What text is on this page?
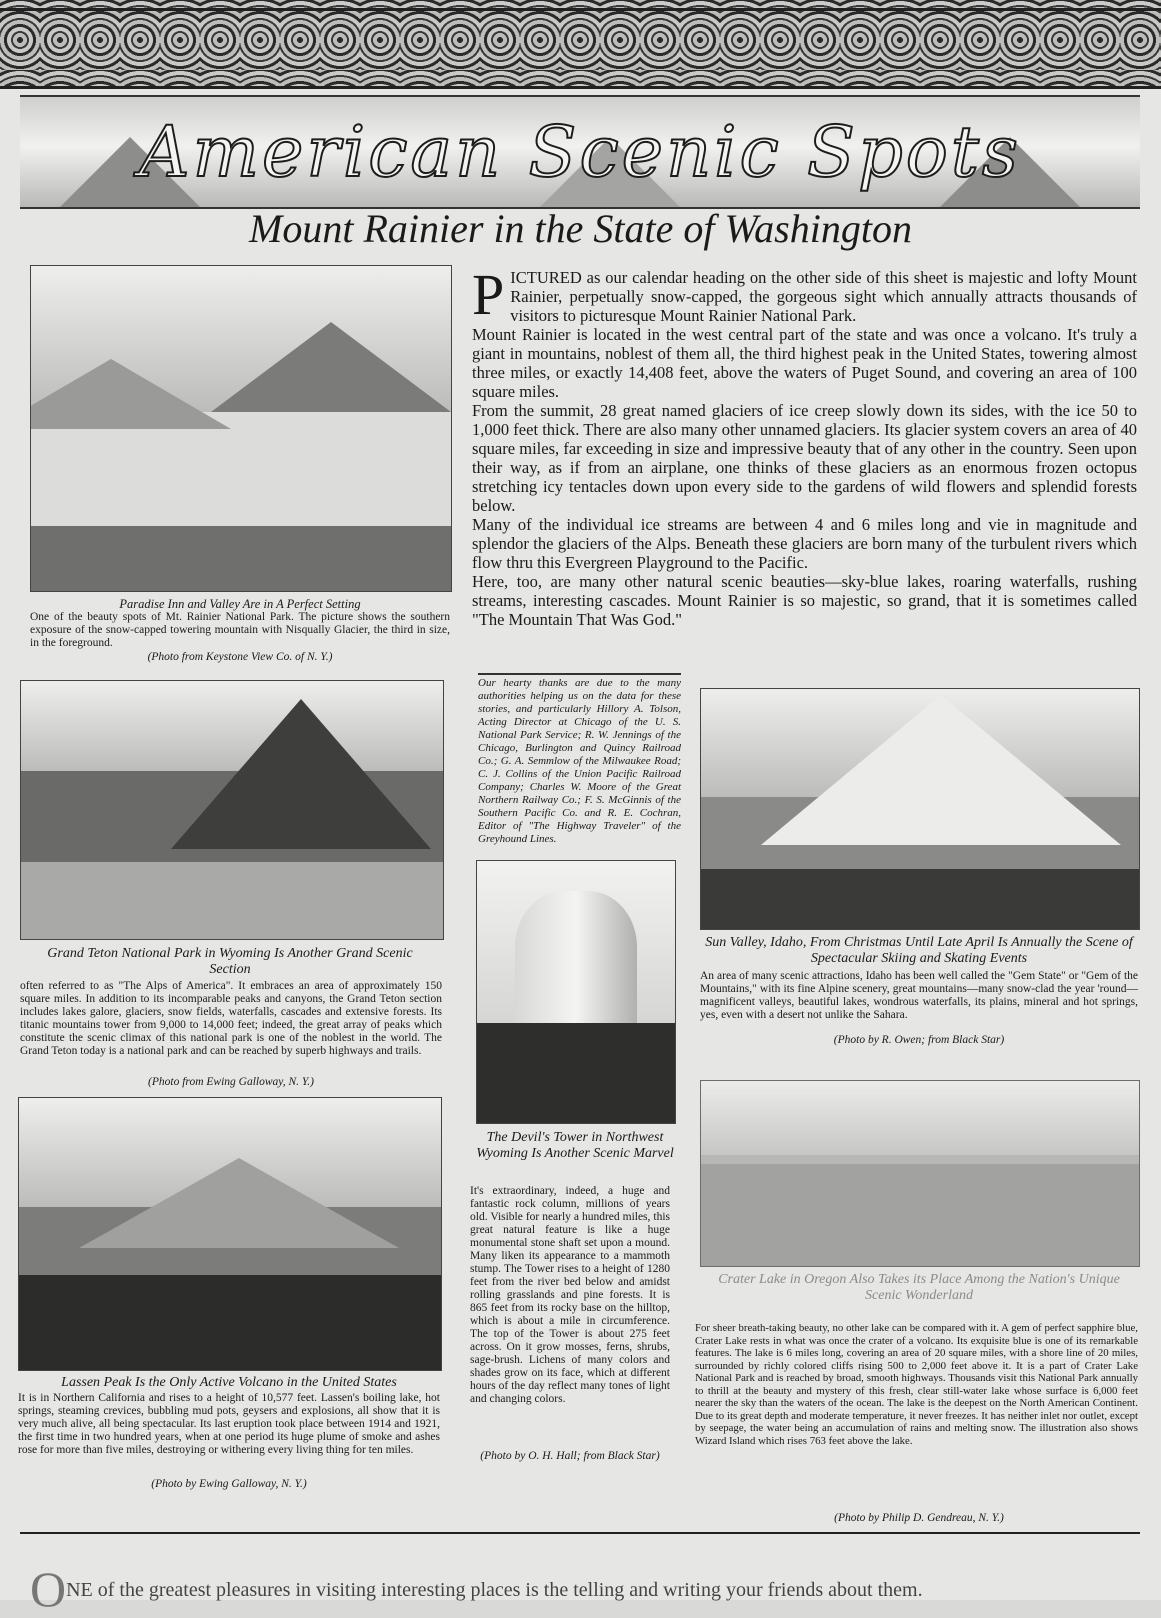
American Scenic Spots
Mount Rainier in the State of Washington
Paradise Inn and Valley Are in A Perfect Setting
One of the beauty spots of Mt. Rainier National Park. The picture shows the southern exposure of the snow-capped towering mountain with Nisqually Glacier, the third in size, in the foreground.
(Photo from Keystone View Co. of N. Y.)
Grand Teton National Park in Wyoming Is Another Grand Scenic Section
often referred to as "The Alps of America". It embraces an area of approximately 150 square miles. In addition to its incomparable peaks and canyons, the Grand Teton section includes lakes galore, glaciers, snow fields, waterfalls, cascades and extensive forests. Its titanic mountains tower from 9,000 to 14,000 feet; indeed, the great array of peaks which constitute the scenic climax of this national park is one of the noblest in the world. The Grand Teton today is a national park and can be reached by superb highways and trails.
(Photo from Ewing Galloway, N. Y.)
Lassen Peak Is the Only Active Volcano in the United States
It is in Northern California and rises to a height of 10,577 feet. Lassen's boiling lake, hot springs, steaming crevices, bubbling mud pots, geysers and explosions, all show that it is very much alive, all being spectacular. Its last eruption took place between 1914 and 1921, the first time in two hundred years, when at one period its huge plume of smoke and ashes rose for more than five miles, destroying or withering every living thing for ten miles.
(Photo by Ewing Galloway, N. Y.)

PICTURED as our calendar heading on the other side of this sheet is majestic and lofty Mount Rainier, perpetually snow-capped, the gorgeous sight which annually attracts thousands of visitors to picturesque Mount Rainier National Park.

Mount Rainier is located in the west central part of the state and was once a volcano. It's truly a giant in mountains, noblest of them all, the third highest peak in the United States, towering almost three miles, or exactly 14,408 feet, above the waters of Puget Sound, and covering an area of 100 square miles.

From the summit, 28 great named glaciers of ice creep slowly down its sides, with the ice 50 to 1,000 feet thick. There are also many other unnamed glaciers. Its glacier system covers an area of 40 square miles, far exceeding in size and impressive beauty that of any other in the country. Seen upon their way, as if from an airplane, one thinks of these glaciers as an enormous frozen octopus stretching icy tentacles down upon every side to the gardens of wild flowers and splendid forests below.

Many of the individual ice streams are between 4 and 6 miles long and vie in magnitude and splendor the glaciers of the Alps. Beneath these glaciers are born many of the turbulent rivers which flow thru this Evergreen Playground to the Pacific.

Here, too, are many other natural scenic beauties—sky-blue lakes, roaring waterfalls, rushing streams, interesting cascades. Mount Rainier is so majestic, so grand, that it is sometimes called "The Mountain That Was God."

Our hearty thanks are due to the many authorities helping us on the data for these stories, and particularly Hillory A. Tolson, Acting Director at Chicago of the U. S. National Park Service; R. W. Jennings of the Chicago, Burlington and Quincy Railroad Co.; G. A. Semmlow of the Milwaukee Road; C. J. Collins of the Union Pacific Railroad Company; Charles W. Moore of the Great Northern Railway Co.; F. S. McGinnis of the Southern Pacific Co. and R. E. Cochran, Editor of "The Highway Traveler" of the Greyhound Lines.
The Devil's Tower in Northwest Wyoming Is Another Scenic Marvel
It's extraordinary, indeed, a huge and fantastic rock column, millions of years old. Visible for nearly a hundred miles, this great natural feature is like a huge monumental stone shaft set upon a mound. Many liken its appearance to a mammoth stump. The Tower rises to a height of 1280 feet from the river bed below and amidst rolling grasslands and pine forests. It is 865 feet from its rocky base on the hilltop, which is about a mile in circumference. The top of the Tower is about 275 feet across. On it grow mosses, ferns, shrubs, sage-brush. Lichens of many colors and shades grow on its face, which at different hours of the day reflect many tones of light and changing colors.
(Photo by O. H. Hall; from Black Star)
Sun Valley, Idaho, From Christmas Until Late April Is Annually the Scene of Spectacular Skiing and Skating Events
An area of many scenic attractions, Idaho has been well called the "Gem State" or "Gem of the Mountains," with its fine Alpine scenery, great mountains—many snow-clad the year 'round—magnificent valleys, beautiful lakes, wondrous waterfalls, its plains, mineral and hot springs, yes, even with a desert not unlike the Sahara.
(Photo by R. Owen; from Black Star)
Crater Lake in Oregon Also Takes its Place Among the Nation's Unique Scenic Wonderland
For sheer breath-taking beauty, no other lake can be compared with it. A gem of perfect sapphire blue, Crater Lake rests in what was once the crater of a volcano. Its exquisite blue is one of its remarkable features. The lake is 6 miles long, covering an area of 20 square miles, with a shore line of 20 miles, surrounded by richly colored cliffs rising 500 to 2,000 feet above it. It is a part of Crater Lake National Park and is reached by broad, smooth highways. Thousands visit this National Park annually to thrill at the beauty and mystery of this fresh, clear still-water lake whose surface is 6,000 feet nearer the sky than the waters of the ocean. The lake is the deepest on the North American Continent. Due to its great depth and moderate temperature, it never freezes. It has neither inlet nor outlet, except by seepage, the water being an accumulation of rains and melting snow. The illustration also shows Wizard Island which rises 763 feet above the lake.
(Photo by Philip D. Gendreau, N. Y.)
ONE of the greatest pleasures in visiting interesting places is the telling and writing your friends about them.
